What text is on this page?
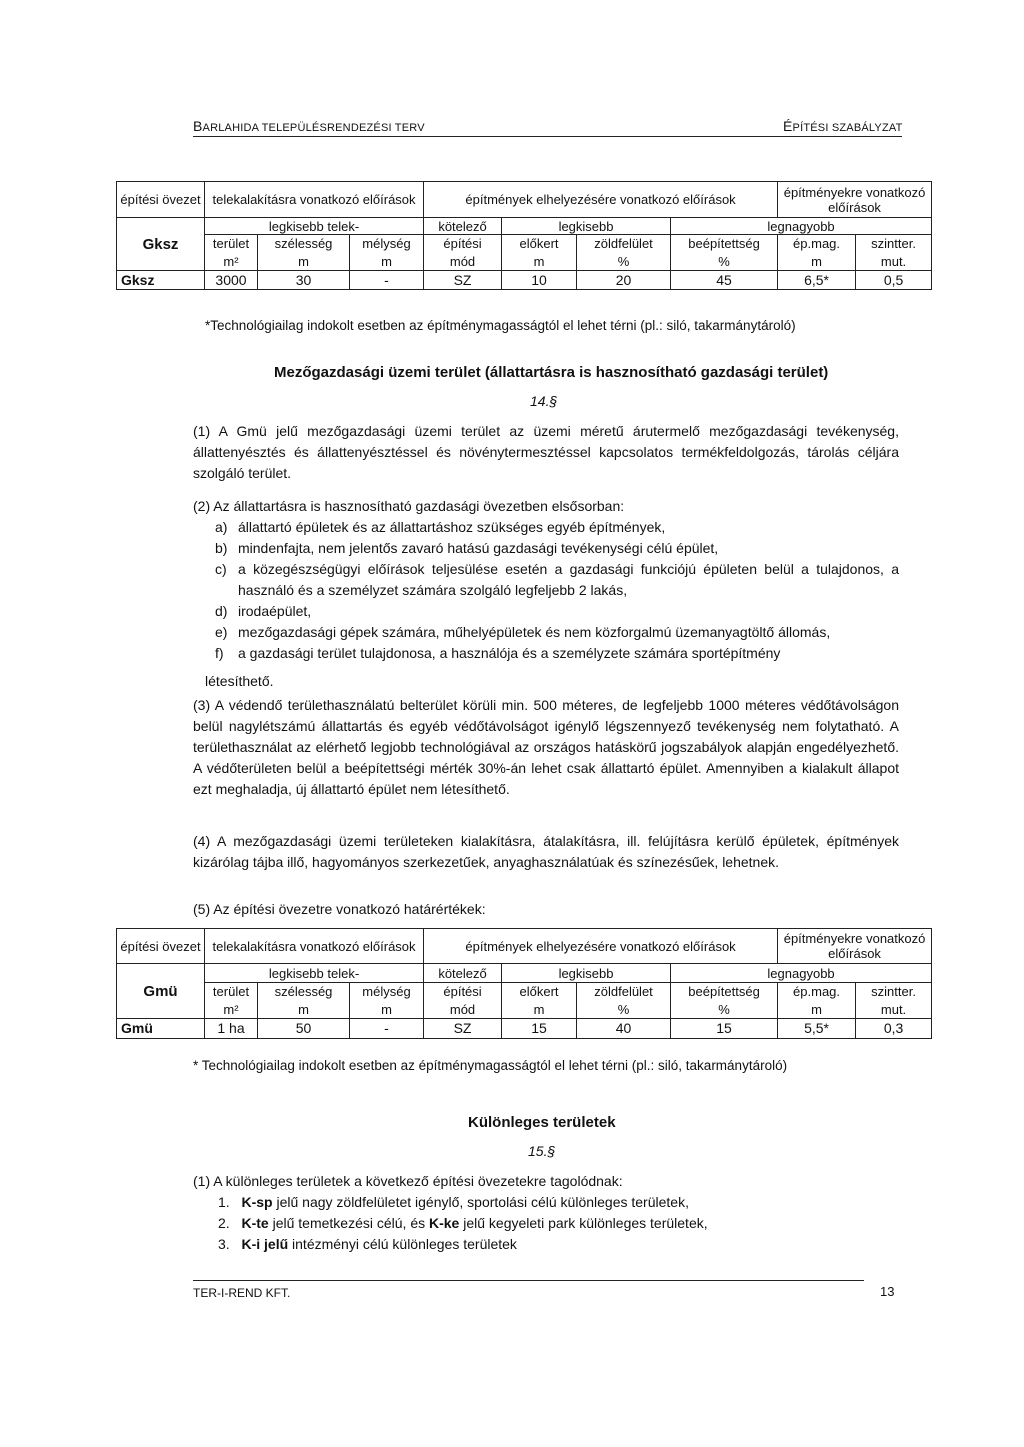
BARLAHIDA TELEPÜLÉSRENDEZÉSI TERV	ÉPÍTÉSI SZABÁLYZAT
építési övezet	telekalakításra vonatkozó előírások			építmények elhelyezésére vonatkozó előírások				építményekre vonatkozó előírások	
Gksz	legkisebb telek-			kötelező	legkisebb		legnagyobb		
	terület	szélesség	mélység	építési	előkert	zöldfelület	beépítettség	ép.mag.	szintter.
	m²	m	m	mód	m	%	%	m	mut.
Gksz	3000	30	-	SZ	10	20	45	6,5*	0,5
*Technológiailag indokolt esetben az építménymagasságtól el lehet térni (pl.: siló, takarmánytároló)
Mezőgazdasági üzemi terület (állattartásra is hasznosítható gazdasági terület)
14.§
(1) A Gmü jelű mezőgazdasági üzemi terület az üzemi méretű árutermelő mezőgazdasági tevékenység, állattenyésztés és állattenyésztéssel és növénytermesztéssel kapcsolatos termékfeldolgozás, tárolás céljára szolgáló terület.
(2) Az állattartásra is hasznosítható gazdasági övezetben elsősorban:
a) állattartó épületek és az állattartáshoz szükséges egyéb építmények,
b) mindenfajta, nem jelentős zavaró hatású gazdasági tevékenységi célú épület,
c) a közegészségügyi előírások teljesülése esetén a gazdasági funkciójú épületen belül a tulajdonos, a használó és a személyzet számára szolgáló legfeljebb 2 lakás,
d) irodaépület,
e) mezőgazdasági gépek számára, műhelyépületek és nem közforgalmú üzemanyagtöltő állomás,
f) a gazdasági terület tulajdonosa, a használója és a személyzete számára sportépítmény
létesíthető.
(3) A védendő területhasználatú belterület körüli min. 500 méteres, de legfeljebb 1000 méteres védőtávolságon belül nagylétszámú állattartás és egyéb védőtávolságot igénylő légszennyező tevékenység nem folytatható. A területhasználat az elérhető legjobb technológiával az országos hatáskörű jogszabályok alapján engedélyezhető. A védőterületen belül a beépítettségi mérték 30%-án lehet csak állattartó épület. Amennyiben a kialakult állapot ezt meghaladja, új állattartó épület nem létesíthető.
(4) A mezőgazdasági üzemi területeken kialakításra, átalakításra, ill. felújításra kerülő épületek, építmények kizárólag tájba illő, hagyományos szerkezetűek, anyaghasználatúak és színezésűek, lehetnek.
(5) Az építési övezetre vonatkozó határértékek:
építési övezet	telekalakításra vonatkozó előírások			építmények elhelyezésére vonatkozó előírások				építményekre vonatkozó előírások	
Gmü	legkisebb telek-			kötelező	legkisebb		legnagyobb		
	terület	szélesség	mélység	építési	előkert	zöldfelület	beépítettség	ép.mag.	szintter.
	m²	m	m	mód	m	%	%	m	mut.
Gmü	1 ha	50	-	SZ	15	40	15	5,5*	0,3
* Technológiailag indokolt esetben az építménymagasságtól el lehet térni (pl.: siló, takarmánytároló)
Különleges területek
15.§
(1) A különleges területek a következő építési övezetekre tagolódnak:
1. K-sp jelű nagy zöldfelületet igénylő, sportolási célú különleges területek,
2. K-te jelű temetkezési célú, és K-ke jelű kegyeleti park különleges területek,
3. K-i jelű intézményi célú különleges területek
TER-I-REND KFT.	13
